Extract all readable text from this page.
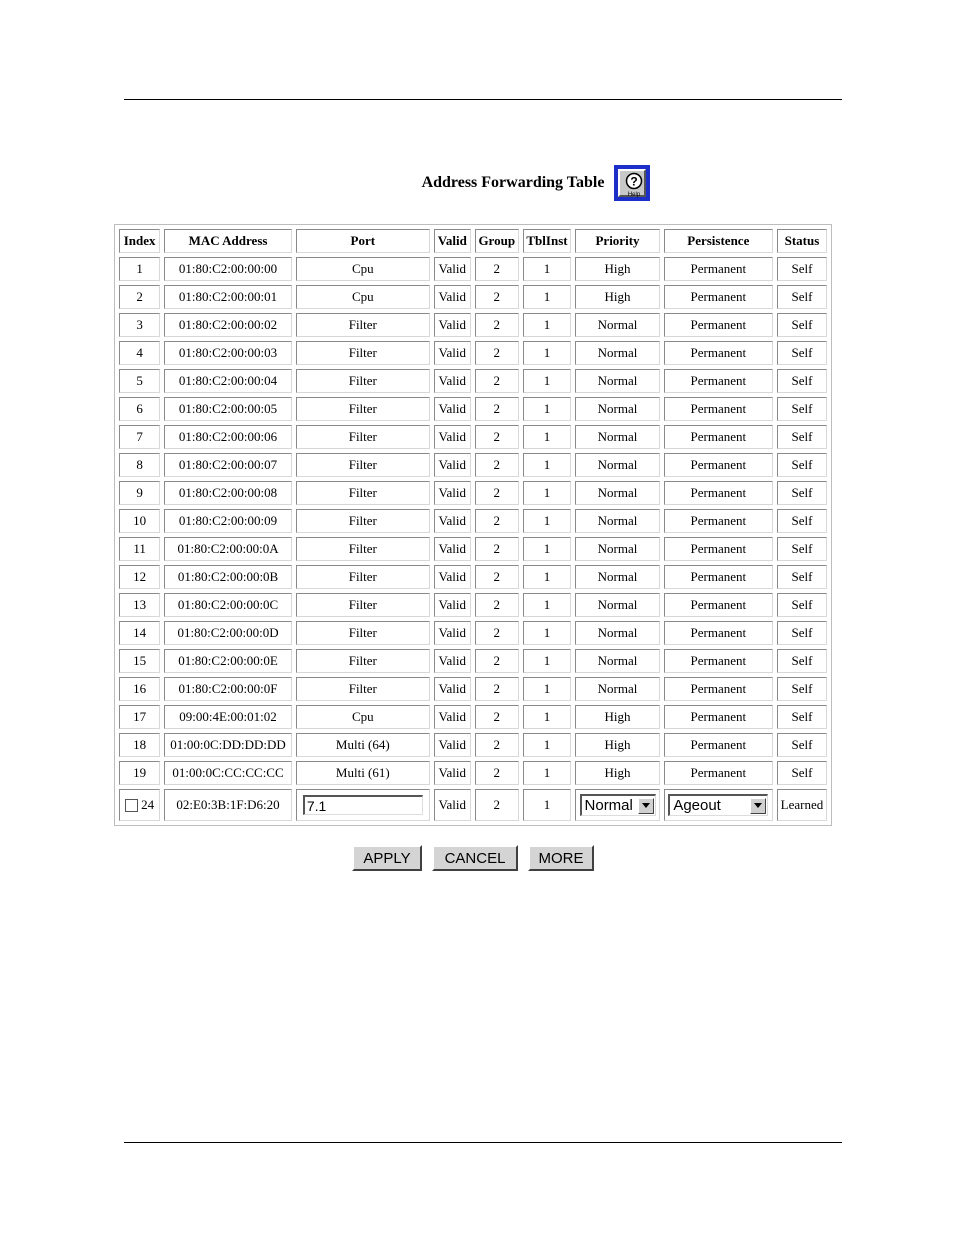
Address Forwarding Table ?
Help
Index	MAC Address	Port	Valid	Group	TblInst	Priority	Persistence	Status
1	01:80:C2:00:00:00	Cpu	Valid	2	1	High	Permanent	Self
2	01:80:C2:00:00:01	Cpu	Valid	2	1	High	Permanent	Self
3	01:80:C2:00:00:02	Filter	Valid	2	1	Normal	Permanent	Self
4	01:80:C2:00:00:03	Filter	Valid	2	1	Normal	Permanent	Self
5	01:80:C2:00:00:04	Filter	Valid	2	1	Normal	Permanent	Self
6	01:80:C2:00:00:05	Filter	Valid	2	1	Normal	Permanent	Self
7	01:80:C2:00:00:06	Filter	Valid	2	1	Normal	Permanent	Self
8	01:80:C2:00:00:07	Filter	Valid	2	1	Normal	Permanent	Self
9	01:80:C2:00:00:08	Filter	Valid	2	1	Normal	Permanent	Self
10	01:80:C2:00:00:09	Filter	Valid	2	1	Normal	Permanent	Self
11	01:80:C2:00:00:0A	Filter	Valid	2	1	Normal	Permanent	Self
12	01:80:C2:00:00:0B	Filter	Valid	2	1	Normal	Permanent	Self
13	01:80:C2:00:00:0C	Filter	Valid	2	1	Normal	Permanent	Self
14	01:80:C2:00:00:0D	Filter	Valid	2	1	Normal	Permanent	Self
15	01:80:C2:00:00:0E	Filter	Valid	2	1	Normal	Permanent	Self
16	01:80:C2:00:00:0F	Filter	Valid	2	1	Normal	Permanent	Self
17	09:00:4E:00:01:02	Cpu	Valid	2	1	High	Permanent	Self
18	01:00:0C:DD:DD:DD	Multi (64)	Valid	2	1	High	Permanent	Self
19	01:00:0C:CC:CC:CC	Multi (61)	Valid	2	1	High	Permanent	Self
24	02:E0:3B:1F:D6:20	7.1	Valid	2	1	Normal	Ageout	Learned
APPLY	CANCEL	MORE
